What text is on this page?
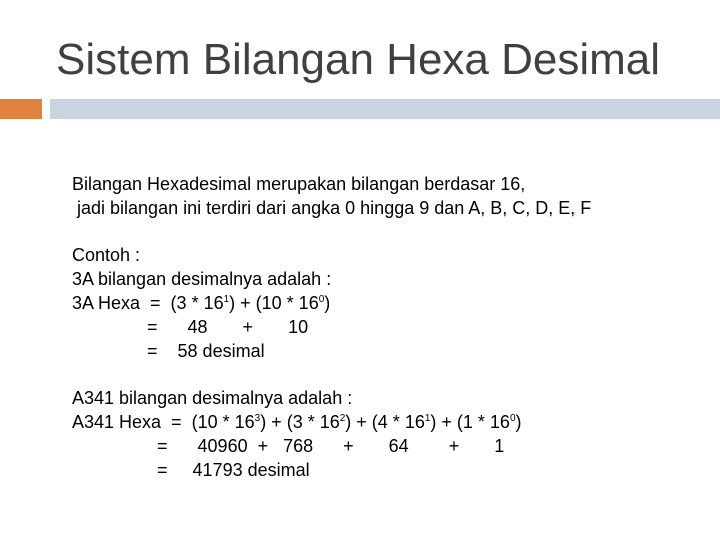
Sistem Bilangan Hexa Desimal
Bilangan Hexadesimal merupakan bilangan berdasar 16,
jadi bilangan ini terdiri dari angka 0 hingga 9 dan A, B, C, D, E, F
Contoh :
3A bilangan desimalnya adalah :
3A Hexa  =  $(3 * 16^1) + (10 * 16^0)$
=      48       +       10
=    58 desimal
A341 bilangan desimalnya adalah :
A341 Hexa  =  $(10 * 16^3) + (3 * 16^2) + (4 * 16^1) + (1 * 16^0)$
=      40960  +   768      +       64        +       1
=     41793 desimal
